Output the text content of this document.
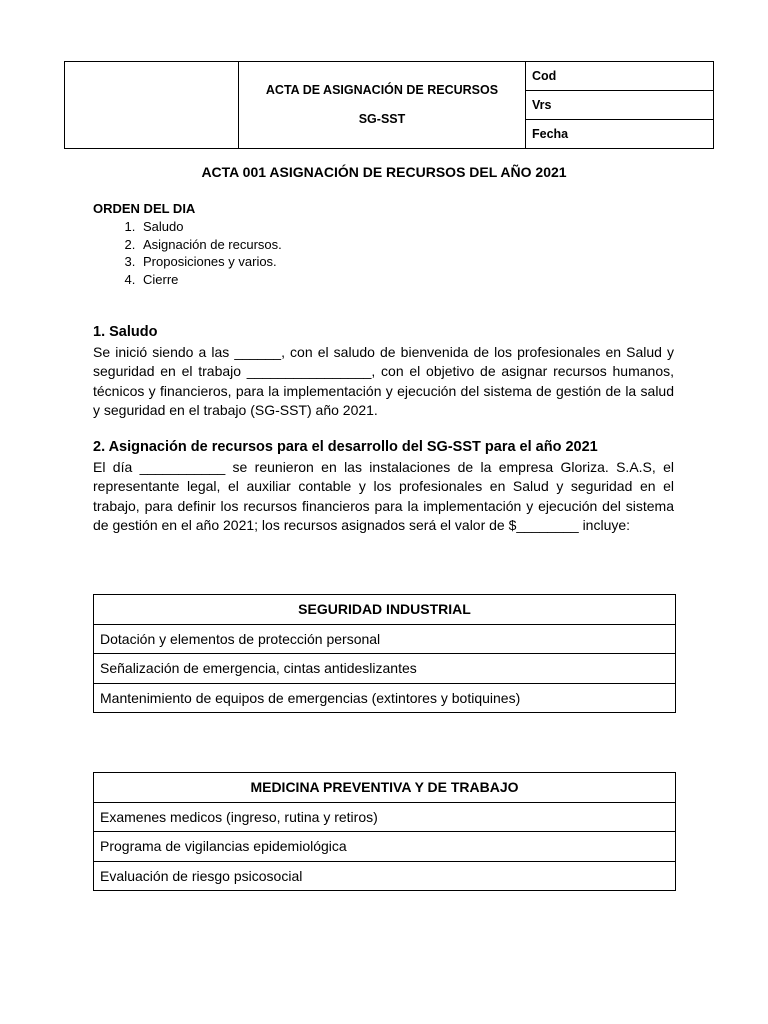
ACTA DE ASIGNACIÓN DE RECURSOS
SG-SST
	Cod
Vrs
Fecha
ACTA 001 ASIGNACIÓN DE RECURSOS DEL AÑO 2021
ORDEN DEL DIA
1. Saludo
2. Asignación de recursos.
3. Proposiciones y varios.
4. Cierre
1. Saludo

Se inició siendo a las ______, con el saludo de bienvenida de los profesionales en Salud y seguridad en el trabajo ________________, con el objetivo de asignar recursos humanos, técnicos y financieros, para la implementación y ejecución del sistema de gestión de la salud y seguridad en el trabajo (SG-SST) año 2021.

2. Asignación de recursos para el desarrollo del SG-SST para el año 2021

El día ___________ se reunieron en las instalaciones de la empresa Gloriza. S.A.S, el representante legal, el auxiliar contable y los profesionales en Salud y seguridad en el trabajo, para definir los recursos financieros para la implementación y ejecución del sistema de gestión en el año 2021; los recursos asignados será el valor de $________ incluye:

SEGURIDAD INDUSTRIAL
Dotación y elementos de protección personal
Señalización de emergencia, cintas antideslizantes
Mantenimiento de equipos de emergencias (extintores y botiquines)
MEDICINA PREVENTIVA Y DE TRABAJO
Examenes medicos (ingreso, rutina y retiros)
Programa de vigilancias epidemiológica
Evaluación de riesgo psicosocial
